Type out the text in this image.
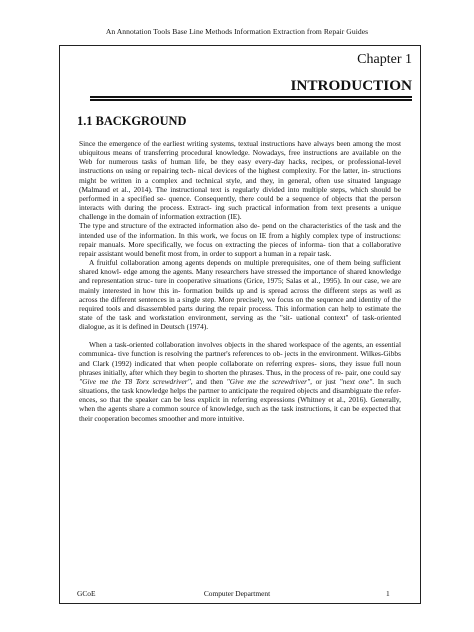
An Annotation Tools Base Line Methods Information Extraction from Repair Guides
Chapter 1
INTRODUCTION
1.1 BACKGROUND

Since the emergence of the earliest writing systems, textual instructions have always been among the most ubiquitous means of transferring procedural knowledge. Nowadays, free instructions are available on the Web for numerous tasks of human life, be they easy every-day hacks, recipes, or professional-level instructions on using or repairing tech- nical devices of the highest complexity. For the latter, in- structions might be written in a complex and technical style, and they, in general, often use situated language (Malmaud et al., 2014). The instructional text is regularly divided into multiple steps, which should be performed in a specified se- quence. Consequently, there could be a sequence of objects that the person interacts with during the process. Extract- ing such practical information from text presents a unique challenge in the domain of information extraction (IE).

The type and structure of the extracted information also de- pend on the characteristics of the task and the intended use of the information. In this work, we focus on IE from a highly complex type of instructions: repair manuals. More specifically, we focus on extracting the pieces of informa- tion that a collaborative repair assistant would benefit most from, in order to support a human in a repair task.

A fruitful collaboration among agents depends on multiple prerequisites, one of them being sufficient shared knowl- edge among the agents. Many researchers have stressed the importance of shared knowledge and representation struc- ture in cooperative situations (Grice, 1975; Salas et al., 1995). In our case, we are mainly interested in how this in- formation builds up and is spread across the different steps as well as across the different sentences in a single step. More precisely, we focus on the sequence and identity of the required tools and disassembled parts during the repair process. This information can help to estimate the state of the task and workstation environment, serving as the "sit- uational context" of task-oriented dialogue, as it is defined in Deutsch (1974).

When a task-oriented collaboration involves objects in the shared workspace of the agents, an essential communica- tive function is resolving the partner's references to ob- jects in the environment. Wilkes-Gibbs and Clark (1992) indicated that when people collaborate on referring expres- sions, they issue full noun phrases initially, after which they begin to shorten the phrases. Thus, in the process of re- pair, one could say "Give me the T8 Torx screwdriver", and then "Give me the screwdriver", or just "next one". In such situations, the task knowledge helps the partner to anticipate the required objects and disambiguate the refer- ences, so that the speaker can be less explicit in referring expressions (Whitney et al., 2016). Generally, when the agents share a common source of knowledge, such as the task instructions, it can be expected that their cooperation becomes smoother and more intuitive.

GCoE	Computer Department	1
